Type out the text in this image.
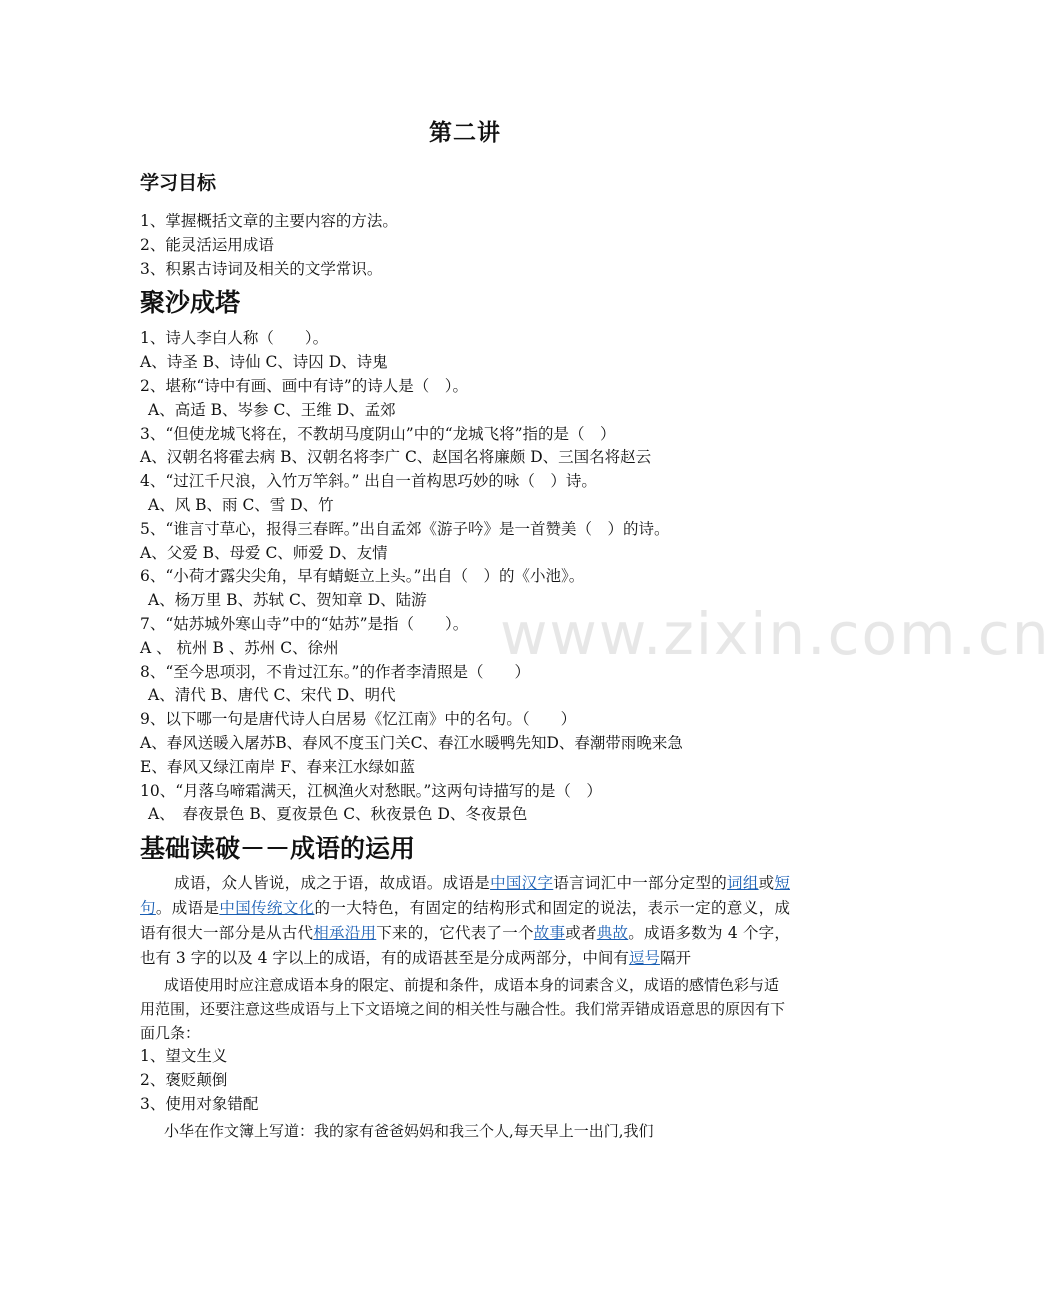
www.zixin.com.cn
第二讲
学习目标
1、掌握概括文章的主要内容的方法。
2、能灵活运用成语
3、积累古诗词及相关的文学常识。
聚沙成塔
1、诗人李白人称（　　）。
A、诗圣 B、诗仙 C、诗囚 D、诗鬼
2、堪称“诗中有画、画中有诗”的诗人是（　）。
A、高适 B、岑参 C、王维 D、孟郊
3、“但使龙城飞将在，不教胡马度阴山”中的“龙城飞将”指的是（　）
A、汉朝名将霍去病 B、汉朝名将李广 C、赵国名将廉颇 D、三国名将赵云
4、“过江千尺浪，入竹万竿斜。” 出自一首构思巧妙的咏（　）诗。
A、风 B、雨 C、雪 D、竹
5、“谁言寸草心，报得三春晖。”出自孟郊《游子吟》是一首赞美（　）的诗。
A、父爱 B、母爱 C、师爱 D、友情
6、“小荷才露尖尖角，早有蜻蜓立上头。”出自（　）的《小池》。
A、杨万里 B、苏轼 C、贺知章 D、陆游
7、“姑苏城外寒山寺”中的“姑苏”是指（　　）。
A 、 杭州 B 、苏州 C、徐州
8、“至今思项羽，不肯过江东。”的作者李清照是（　　）
A、清代 B、唐代 C、宋代 D、明代
9、以下哪一句是唐代诗人白居易《忆江南》中的名句。（　　）
A、春风送暖入屠苏B、春风不度玉门关C、春江水暖鸭先知D、春潮带雨晚来急
E、春风又绿江南岸 F、春来江水绿如蓝
10、“月落乌啼霜满天，江枫渔火对愁眠。”这两句诗描写的是（　）
A、　春夜景色 B、夏夜景色 C、秋夜景色 D、冬夜景色
基础读破－－成语的运用
成语，众人皆说，成之于语，故成语。成语是中国汉字语言词汇中一部分定型的词组或短句。成语是中国传统文化的一大特色，有固定的结构形式和固定的说法，表示一定的意义，成语有很大一部分是从古代相承沿用下来的，它代表了一个故事或者典故。成语多数为 4 个字，也有 3 字的以及 4 字以上的成语，有的成语甚至是分成两部分，中间有逗号隔开
成语使用时应注意成语本身的限定、前提和条件，成语本身的词素含义，成语的感情色彩与适用范围，还要注意这些成语与上下文语境之间的相关性与融合性。我们常弄错成语意思的原因有下面几条：
1、望文生义
2、褒贬颠倒
3、使用对象错配
小华在作文簿上写道：我的家有爸爸妈妈和我三个人,每天早上一出门,我们
